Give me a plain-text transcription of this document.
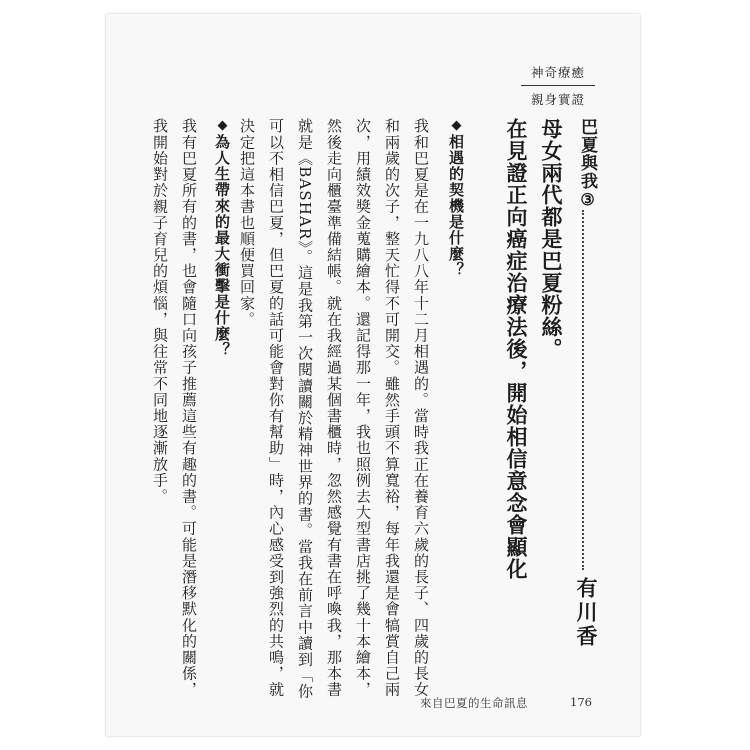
神奇療癒
親身實證
巴夏與我③
有川香
母女兩代都是巴夏粉絲。
在見證正向癌症治療法後，開始相信意念會顯化
◆相遇的契機是什麼？
我和巴夏是在一九八八年十二月相遇的。當時我正在養育六歲的長子、四歲的長女
和兩歲的次子，整天忙得不可開交。雖然手頭不算寬裕，每年我還是會犒賞自己兩
次，用績效獎金蒐購繪本。還記得那一年，我也照例去大型書店挑了幾十本繪本，
然後走向櫃臺準備結帳。就在我經過某個書櫃時，忽然感覺有書在呼喚我，那本書
就是《BASHAR》。這是我第一次閱讀關於精神世界的書。當我在前言中讀到「你
可以不相信巴夏，但巴夏的話可能會對你有幫助」時，內心感受到強烈的共鳴，就
決定把這本書也順便買回家。
◆為人生帶來的最大衝擊是什麼？
我有巴夏所有的書，也會隨口向孩子推薦這些有趣的書。可能是潛移默化的關係，
我開始對於親子育兒的煩惱，與往常不同地逐漸放手。
來自巴夏的生命訊息	176
